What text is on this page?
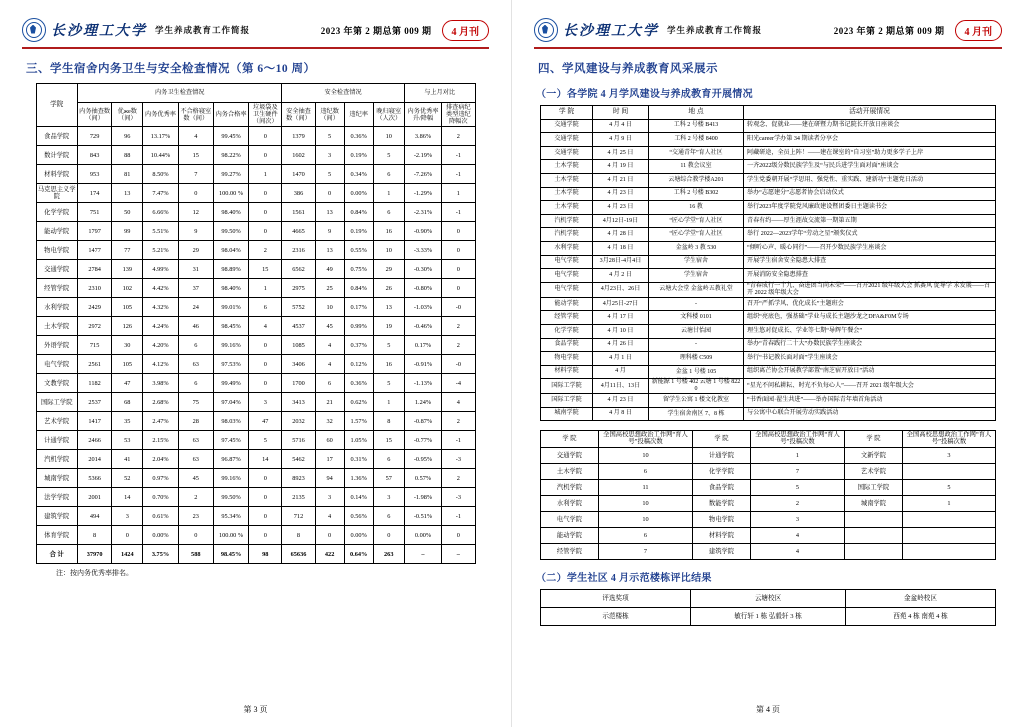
长沙理工大学 学生养成教育工作简报	2023 年第 2 期总第 009 期	4 月刊
三、学生宿舍内务卫生与安全检查情况（第 6～10 周）
学院	内务卫生检查情况						安全检查情况				与上月对比	
	内务抽查数（间）	优же数（间）	内务优秀率	不合格寝室数（间）	内务合格率	垃圾袋及卫生硬件（间次）	安全抽查数（间）	违纪数（间）	违纪率	晚归寝室（人次）	内务优秀率升/降幅	排查病纪类型违纪降幅次
食品学院	729	96	13.17%	4	99.45%	0	1379	5	0.36%	10	3.86%	2
数计学院	843	88	10.44%	15	98.22%	0	1602	3	0.19%	5	-2.19%	-1
材料学院	953	81	8.50%	7	99.27%	1	1470	5	0.34%	6	-7.26%	-1
马克思主义学院	174	13	7.47%	0	100.00 %	0	386	0	0.00%	1	-1.29%	1
化学学院	751	50	6.66%	12	98.40%	0	1561	13	0.84%	6	-2.31%	-1
能动学院	1797	99	5.51%	9	99.50%	0	4665	9	0.19%	16	-0.90%	0
物电学院	1477	77	5.21%	29	98.04%	2	2316	13	0.55%	10	-3.33%	0
交通学院	2784	139	4.99%	31	98.89%	15	6562	49	0.75%	29	-0.30%	0
经管学院	2310	102	4.42%	37	98.40%	1	2975	25	0.84%	26	-0.80%	0
水利学院	2429	105	4.32%	24	99.01%	6	5752	10	0.17%	13	-1.03%	-0
土木学院	2972	126	4.24%	46	98.45%	4	4537	45	0.99%	19	-0.46%	2
外语学院	715	30	4.20%	6	99.16%	0	1085	4	0.37%	5	0.17%	2
电气学院	2561	105	4.12%	63	97.53%	0	3406	4	0.12%	16	-0.91%	-0
文教学院	1182	47	3.98%	6	99.49%	0	1700	6	0.36%	5	-1.13%	-4
国际工学院	2537	68	2.68%	75	97.04%	3	3413	21	0.62%	1	1.24%	4
艺术学院	1417	35	2.47%	28	98.03%	47	2032	32	1.57%	8	-0.87%	2
计通学院	2466	53	2.15%	63	97.45%	5	5716	60	1.05%	15	-0.77%	-1
汽机学院	2014	41	2.04%	63	96.87%	14	5462	17	0.31%	6	-0.95%	-3
城南学院	5366	52	0.97%	45	99.16%	0	8923	94	1.36%	57	0.57%	2
法学学院	2001	14	0.70%	2	99.50%	0	2135	3	0.14%	3	-1.98%	-3
建筑学院	494	3	0.61%	23	95.34%	0	712	4	0.56%	6	-0.51%	-1
体育学院	8	0	0.00%	0	100.00 %	0	8	0	0.00%	0	0.00%	0
合 计	37970	1424	3.75%	588	98.45%	98	65636	422	0.64%	263	–	–
注：按内务优秀率排名。
第 3 页
长沙理工大学 学生养成教育工作简报	2023 年第 2 期总第 009 期	4 月刊
四、学风建设与养成教育风采展示
（一）各学院 4 月学风建设与养成教育开展情况
学 院	时 间	地 点	活动开展情况
交通学院	4 月 4 日	工科 2 号楼 B413	转观念、促就业——建在研暨力期书记院长开放日座谈会
交通学院	4 月 9 日	工科 2 号楼 8400	阳光career学办第 34 期读者分享会
交通学院	4 月 25 日	“交通青年”育人社区	阿藏研途，全员上阵！——建在课室的“自习室”助力更多学子上岸
土木学院	4 月 19 日	11 教会议室	一齐2022级分数民族学生及“与民兵进学生面对面”座谈会
土木学院	4 月 21 日	云塘综合教学楼A201	学生党委朝开展“学思用、强党性、重实践、建新功”主题党日活动
土木学院	4 月 23 日	工科 2 号楼 B302	举办“志愿建分”志愿者协会启动仪式
土木学院	4 月 23 日	16 教	举行2023年度学院党风廉政建设暨团委日主题读书会
汽机学院	4月12日-19日	“匠心学堂”育人社区	青春有约——厚生涯故交流第一期第五期
汽机学院	4 月 28 日	“匠心学堂”育人社区	举行 2022—2023学年“劳动之星”颁奖仪式
水利学院	4 月 18 日	金盆岭 3 教 530	“倾听心声、暖心同行”——召开少数民族学生座谈会
电气学院	3月28日-4月4日	学生宿舍	开展学生宿舍安全隐患大排查
电气学院	4 月 2 日	学生宿舍	开展消防安全隐患排查
电气学院	4月23日、26日	云塘大会堂 金盆岭五教礼堂	“青春成行一十九、奋进团当尚未荣”——召开2021 级年级大会 抓赛风 促导学 求发展——召开 2022 级年级大会
能动学院	4月25日-27日	-	召开“严抓学风、优化成长”主题班会
经管学院	4 月 17 日	文科楼 0101	组织“亮底色，强基础”学业与成长主题沙龙之DFA&F0M专场
化学学院	4 月 10 日	云塘甘怡园	理生悠对促成长、学业等七期“导辉午餐会”
食品学院	4 月 26 日	-	举办“青春践行二十大”办数民族学生座谈会
物电学院	4 月 1 日	理科楼 C509	举行“书记教长面对面”学生座谈会
材料学院	4 月	金盆 1 号楼 105	组织离芒协会开展教学部置“南芝宿开放日”活动
国际工学院	4月11日、13日	新能源 1 号楼 402 云塘 1 号楼 8220	“星光不问私耕耘、时光不负每心人”——召开 2021 级年级大会
国际工学院	4 月 23 日	留学生公寓 1 楼文化教室	“书香面园·翟生共进”——举办国际青年墙首角活动
城南学院	4 月 8 日	学生宿舍南区 7、8 栋	与公寓中心联合开展劳动实践活动
学 院	全国高校思想政治工作网“育人号”投稿次数	学 院	全国高校思想政治工作网“育人号”投稿次数	学 院	全国高校思想政治工作网“育人号”投稿次数
交通学院	10	计通学院	1	文新学院	3
土木学院	6	化学学院	7	艺术学院	
汽机学院	11	食品学院	5	国际工学院	5
水利学院	10	数能学院	2	城南学院	1
电气学院	10	物电学院	3		
能动学院	6	材料学院	4		
经管学院	7	建筑学院	4		
（二）学生社区 4 月示范楼栋评比结果
评选奖项	云塘校区	金盆岭校区
示范楼栋	敏行轩 1 栋 弘毅轩 3 栋	西苑 4 栋 南苑 4 栋
第 4 页
